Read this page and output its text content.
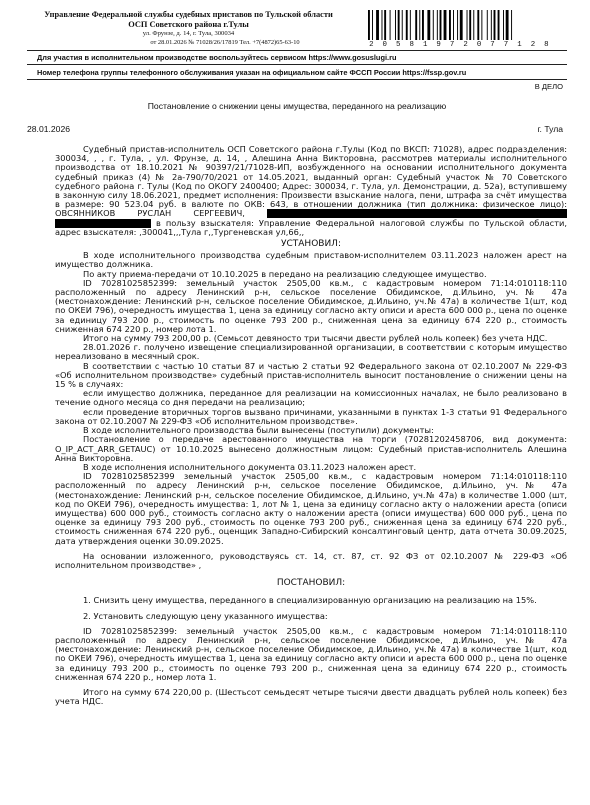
Управление Федеральной службы судебных приставов по Тульской области
ОСП Советского района г.Тулы
ул. Фрунзе, д. 14, г. Тула, 300034
от 28.01.2026 № 71028/26/17819 Тел. +7(4872)65-63-10	2 0 5 8 1 9 7 2 0 7 7 1 2 8
Для участия в исполнительном производстве воспользуйтесь сервисом https://www.gosuslugi.ru
Номер телефона группы телефонного обслуживания указан на официальном сайте ФССП России https://fssp.gov.ru
В ДЕЛО
Постановление о снижении цены имущества, переданного на реализацию
28.01.2026	г. Тула

Судебный пристав-исполнитель ОСП Советского района г.Тулы (Код по ВКСП: 71028), адрес подразделения: 300034, , , г. Тула, , ул. Фрунзе, д. 14, , Алешина Анна Викторовна, рассмотрев материалы исполнительного производства от 18.10.2021 № 90397/21/71028-ИП, возбужденного на основании исполнительного документа судебный приказ (4) № 2а-790/70/2021 от 14.05.2021, выданный орган: Судебный участок № 70 Советского судебного района г. Тулы (Код по ОКОГУ 2400400; Адрес: 300034, г. Тула, ул. Демонстрации, д. 52а), вступившему в законную силу 18.06.2021, предмет исполнения: Произвести взыскание налога, пени, штрафа за счёт имущества в размере: 90 523.04 руб. в валюте по ОКВ: 643, в отношении должника (тип должника: физическое лицо): ОВСЯННИКОВ РУСЛАН СЕРГЕЕВИЧ,   в пользу взыскателя: Управление Федеральной налоговой службы по Тульской области, адрес взыскателя: ,300041,,,Тула г,,Тургеневская ул,66,,

УСТАНОВИЛ:

В ходе исполнительного производства судебным приставом-исполнителем 03.11.2023 наложен арест на имущество должника.

По акту приема-передачи от 10.10.2025 в передано на реализацию следующее имущество.

ID 70281025852399: земельный участок 2505,00 кв.м., с кадастровым номером 71:14:010118:110 расположенный по адресу Ленинский р-н, сельское поселение Обидимское, д.Ильино, уч.№ 47а (местонахождение: Ленинский р-н, сельское поселение Обидимское, д.Ильино, уч.№ 47а) в количестве 1(шт, код по ОКЕИ 796), очередность имущества 1, цена за единицу согласно акту описи и ареста 600 000 р., цена по оценке за единицу 793 200 р., стоимость по оценке 793 200 р., сниженная цена за единицу 674 220 р., стоимость сниженная 674 220 р., номер лота 1.

Итого на сумму 793 200,00 р. (Семьсот девяносто три тысячи двести рублей ноль копеек) без учета НДС.

28.01.2026 г. получено извещение специализированной организации, в соответствии с которым имущество нереализовано в месячный срок.

В соответствии с частью 10 статьи 87 и частью 2 статьи 92 Федерального закона от 02.10.2007 № 229-ФЗ «Об исполнительном производстве» судебный пристав-исполнитель выносит постановление о снижении цены на 15 % в случаях:

если имущество должника, переданное для реализации на комиссионных началах, не было реализовано в течение одного месяца со дня передачи на реализацию;

если проведение вторичных торгов вызвано причинами, указанными в пунктах 1-3 статьи 91 Федерального закона от 02.10.2007 № 229-ФЗ «Об исполнительном производстве».

В ходе исполнительного производства были вынесены (поступили) документы:

Постановление о передаче арестованного имущества на торги (70281202458706, вид документа: O_IP_ACT_ARR_GETAUC) от 10.10.2025 вынесено должностным лицом: Судебный пристав-исполнитель Алешина Анна Викторовна.

В ходе исполнения исполнительного документа 03.11.2023 наложен арест.

ID 70281025852399 земельный участок 2505,00 кв.м., с кадастровым номером 71:14:010118:110 расположенный по адресу Ленинский р-н, сельское поселение Обидимское, д.Ильино, уч.№ 47а (местонахождение: Ленинский р-н, сельское поселение Обидимское, д.Ильино, уч.№ 47а) в количестве 1.000 (шт, код по ОКЕИ 796), очередность имущества: 1, лот № 1, цена за единицу согласно акту о наложении ареста (описи имущества) 600 000 руб., стоимость согласно акту о наложении ареста (описи имущества) 600 000 руб., цена по оценке за единицу 793 200 руб., стоимость по оценке 793 200 руб., сниженная цена за единицу 674 220 руб., стоимость сниженная 674 220 руб., оценщик Западно-Сибирский консалтинговый центр, дата отчета 30.09.2025, дата утверждения оценки 30.09.2025.

На основании изложенного, руководствуясь ст. 14, ст. 87, ст. 92 ФЗ от 02.10.2007 № 229-ФЗ «Об исполнительном производстве» ,

ПОСТАНОВИЛ:

1. Снизить цену имущества, переданного в специализированную организацию на реализацию на 15%.

2. Установить следующую цену указанного имущества:

ID 70281025852399: земельный участок 2505,00 кв.м., с кадастровым номером 71:14:010118:110 расположенный по адресу Ленинский р-н, сельское поселение Обидимское, д.Ильино, уч.№ 47а (местонахождение: Ленинский р-н, сельское поселение Обидимское, д.Ильино, уч.№ 47а) в количестве 1(шт, код по ОКЕИ 796), очередность имущества 1, цена за единицу согласно акту описи и ареста 600 000 р., цена по оценке за единицу 793 200 р., стоимость по оценке 793 200 р., сниженная цена за единицу 674 220 р., стоимость сниженная 674 220 р., номер лота 1.

Итого на сумму 674 220,00 р. (Шестьсот семьдесят четыре тысячи двести двадцать рублей ноль копеек) без учета НДС.
